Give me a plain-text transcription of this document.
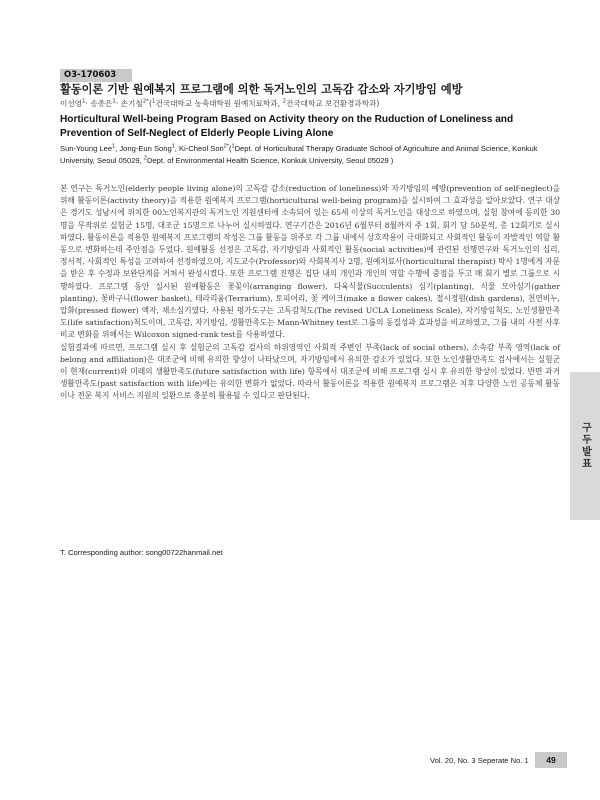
O3-170603
활동이론 기반 원예복지 프로그램에 의한 독거노인의 고독감 감소와 자기방임 예방
이선영$^1$· 송종은$^1$· 손기철$^{2*}$($^1$건국대학교 농축대학원 원예치료학과, $^2$건국대학교 보건환경과학과)
Horticultural Well-being Program Based on Activity theory on the Ruduction of Loneliness and Prevention of Self-Neglect of Elderly People Living Alone
Sun-Young Lee$^1$, Jong-Eun Song$^1$, Ki-Cheol Son$^{2*}$($^1$Dept. of Horticultural Therapy Graduate School of Agriculture and Animal Science, Konkuk University, Seoul 05029, $^2$Dept. of Environmental Health Science, Konkuk University, Seoul 05029 )

본 연구는 독거노인(elderly people living alone)의 고독감 감소(reduction of loneliness)와 자기방임의 예방(prevention of self-neglect)을 위해 활동이론(activity theory)을 적용한 원예복지 프로그램(horticultural well-being program)을 실시하여 그 효과성을 알아보았다. 연구 대상은 경기도 성남시에 위치한 00노인복지관의 독거노인 지원센터에 소속되어 있는 65세 이상의 독거노인을 대상으로 하였으며, 실험 참여에 동의한 30명을 무작위로 실험군 15명, 대조군 15명으로 나누어 실시하였다. 연구기간은 2016년 6월부터 8월까지 주 1회, 회기 당 50분씩, 총 12회기로 실시하였다. 활동이론을 적용한 원예복지 프로그램의 작성은 그룹 활동을 위주로 각 그룹 내에서 상호작용이 극대화되고 사회적인 활동이 자발적인 역할 활동으로 변화하는데 주안점을 두었다. 원예활동 선정은 고독감, 자기방임과 사회적인 활동(social activities)에 관련된 선행연구와 독거노인의 심리, 정서적, 사회적인 특성을 고려하여 선정하였으며, 지도교수(Professor)와 사회복지사 2명, 원예치료사(horticultural therapist) 박사 1명에게 자문을 받은 후 수정과 보완단계를 거쳐서 완성시켰다. 또한 프로그램 진행은 집단 내의 개인과 개인의 역할 수행에 중점을 두고 매 회기 별로 그룹으로 시행하였다. 프로그램 동안 실시된 원예활동은 꽃꽂이(arranging flower), 다육식물(Succulents) 심기(planting), 식물 모아심기(gather planting), 꽃바구니(flower basket), 테라리움(Terrarium), 토피어리, 꽃 케이크(make a flower cakes), 접시정원(dish gardens), 천연비누, 압화(pressed flower) 액자, 채소심기였다. 사용된 평가도구는 고독감척도(The revised UCLA Loneliness Scale), 자기방임척도, 노인생활만족도(life satisfaction)척도이며, 고독감, 자기방임, 생활만족도는 Mann-Whitney test로 그룹의 동질성과 효과성을 비교하였고, 그룹 내의 사전 사후 비교 변화를 위해서는 Wilcoxon signed-rank test를 사용하였다.

실험결과에 따르면, 프로그램 실시 후 실험군의 고독감 검사의 하위영역인 사회적 주변인 부족(lack of social others), 소속감 부족 영역(lack of belong and affiliation)은 대조군에 비해 유의한 향상이 나타났으며, 자기방임에서 유의한 감소가 있었다. 또한 노인생활만족도 검사에서는 실험군이 현재(current)와 미래의 생활만족도(future satisfaction with life) 항목에서 대조군에 비해 프로그램 실시 후 유의한 향상이 있었다. 반면 과거 생활만족도(past satisfaction with life)에는 유의한 변화가 없었다. 따라서 활동이론을 적용한 원예복지 프로그램은 치후 다양한 노인 공동체 활동이나 전문 복지 서비스 지원의 일환으로 충분히 활용될 수 있다고 판단된다.

T. Corresponding author: song00722hanmail.net
구두발표
Vol. 20, No. 3 Seperate No. 1	49
